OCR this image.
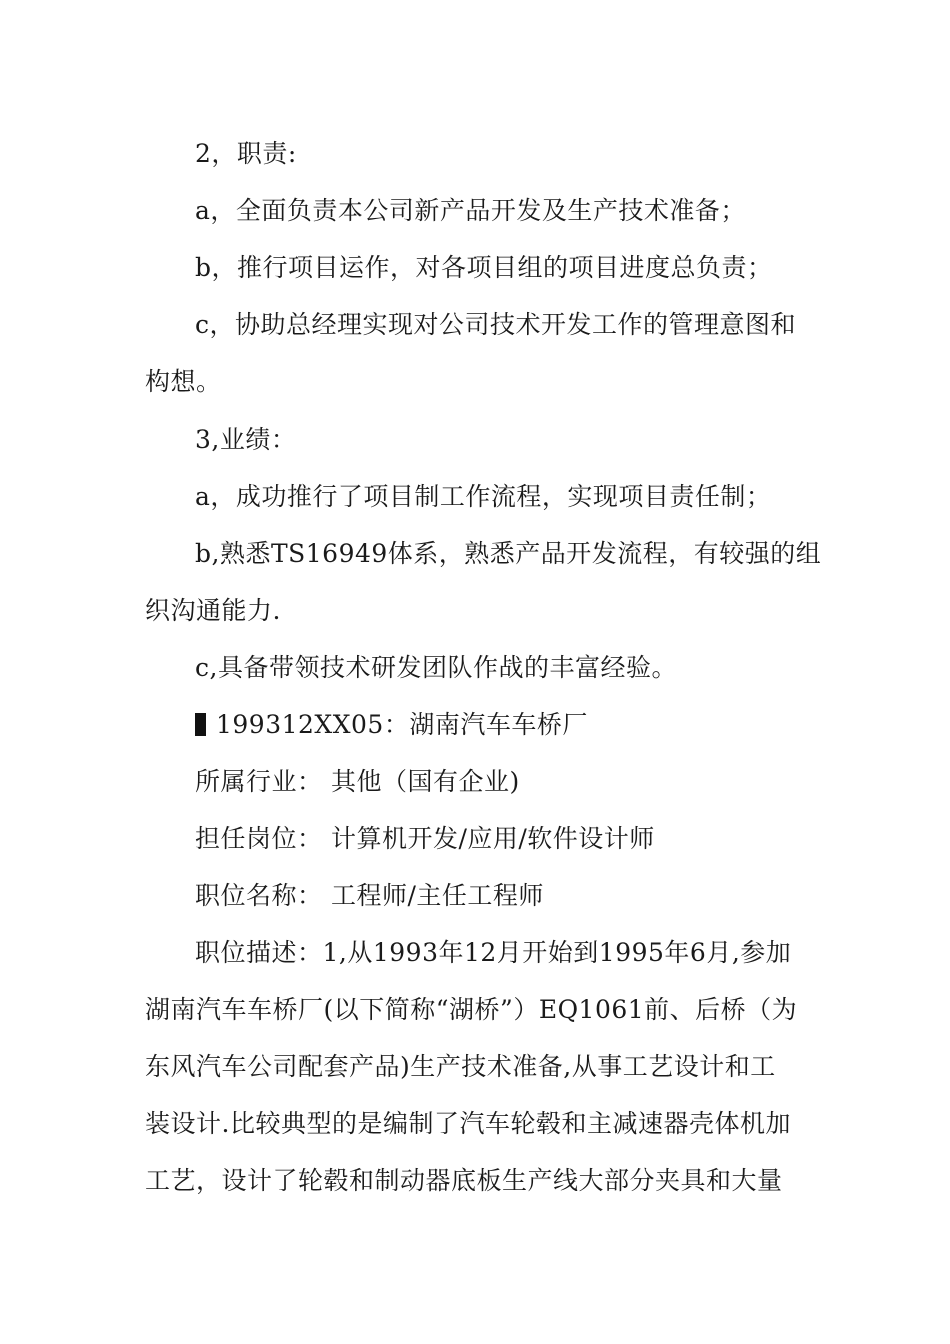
2，职责:
a，全面负责本公司新产品开发及生产技术准备；
b，推行项目运作，对各项目组的项目进度总负责；
c，协助总经理实现对公司技术开发工作的管理意图和
构想。
3,业绩：
a，成功推行了项目制工作流程，实现项目责任制；
b,熟悉TS16949体系，熟悉产品开发流程，有较强的组
织沟通能力.
c,具备带领技术研发团队作战的丰富经验。
199312XX05：湖南汽车车桥厂
所属行业： 其他（国有企业)
担任岗位： 计算机开发/应用/软件设计师
职位名称： 工程师/主任工程师
职位描述：1,从1993年12月开始到1995年6月,参加
湖南汽车车桥厂(以下简称“湖桥”）EQ1061前、后桥（为
东风汽车公司配套产品)生产技术准备,从事工艺设计和工
装设计.比较典型的是编制了汽车轮毂和主减速器壳体机加
工艺，设计了轮毂和制动器底板生产线大部分夹具和大量
